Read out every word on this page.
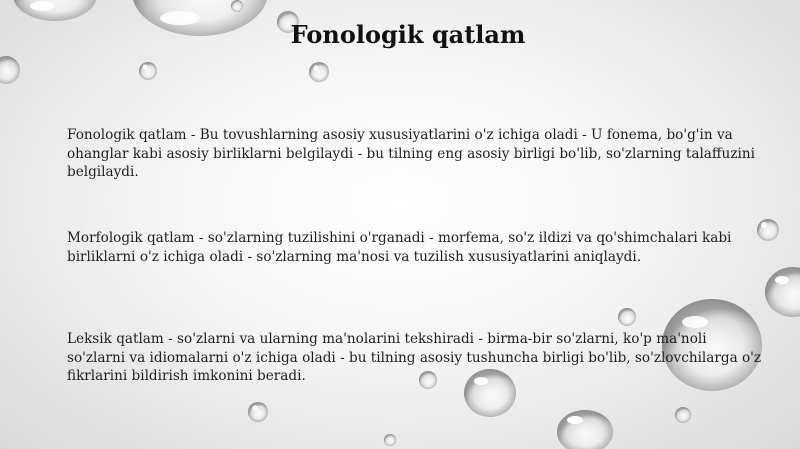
Fonologik qatlam

Fonologik qatlam - Bu tovushlarning asosiy xususiyatlarini o'z ichiga oladi - U fonema, bo'g'in va ohanglar kabi asosiy birliklarni belgilaydi - bu tilning eng asosiy birligi bo'lib, so'zlarning talaffuzini belgilaydi.

Morfologik qatlam - so'zlarning tuzilishini o'rganadi - morfema, so'z ildizi va qo'shimchalari kabi birliklarni o'z ichiga oladi - so'zlarning ma'nosi va tuzilish xususiyatlarini aniqlaydi.

Leksik qatlam - so'zlarni va ularning ma'nolarini tekshiradi - birma-bir so'zlarni, ko'p ma'noli so'zlarni va idiomalarni o'z ichiga oladi - bu tilning asosiy tushuncha birligi bo'lib, so'zlovchilarga o'z fikrlarini bildirish imkonini beradi.
